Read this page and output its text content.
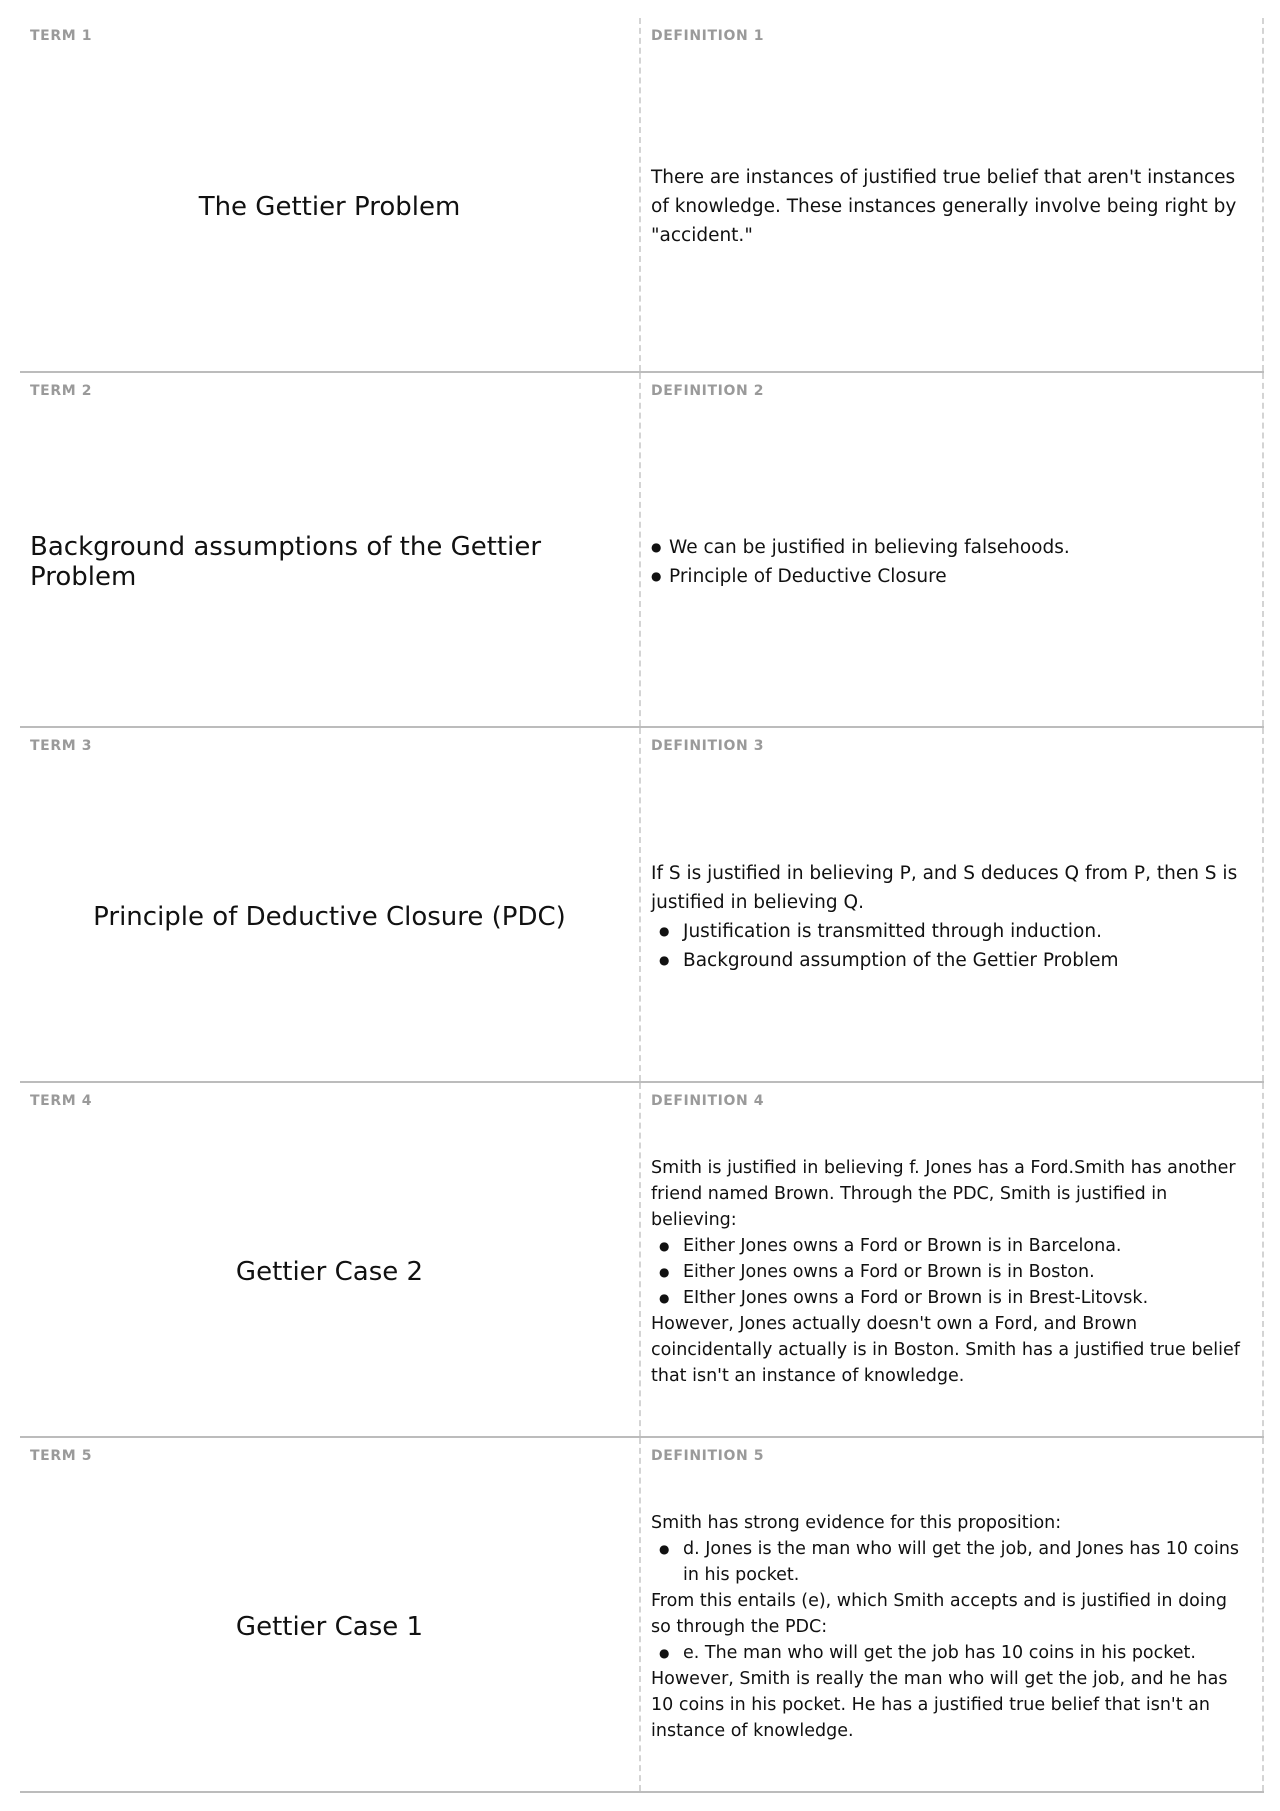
TERM 1
The Gettier Problem
DEFINITION 1

There are instances of justified true belief that aren't instances of knowledge. These instances generally involve being right by "accident."

TERM 2
Background assumptions of the Gettier Problem
DEFINITION 2
● We can be justified in believing falsehoods.
● Principle of Deductive Closure
TERM 3
Principle of Deductive Closure (PDC)
DEFINITION 3

If S is justified in believing P, and S deduces Q from P, then S is justified in believing Q.

● Justification is transmitted through induction.
● Background assumption of the Gettier Problem
TERM 4
Gettier Case 2
DEFINITION 4

Smith is justified in believing f. Jones has a Ford.Smith has another friend named Brown. Through the PDC, Smith is justified in believing:

● Either Jones owns a Ford or Brown is in Barcelona.
● Either Jones owns a Ford or Brown is in Boston.
● EIther Jones owns a Ford or Brown is in Brest-Litovsk.

However, Jones actually doesn't own a Ford, and Brown coincidentally actually is in Boston. Smith has a justified true belief that isn't an instance of knowledge.

TERM 5
Gettier Case 1
DEFINITION 5

Smith has strong evidence for this proposition:

● d. Jones is the man who will get the job, and Jones has 10 coins in his pocket.

From this entails (e), which Smith accepts and is justified in doing so through the PDC:

● e. The man who will get the job has 10 coins in his pocket.

However, Smith is really the man who will get the job, and he has 10 coins in his pocket. He has a justified true belief that isn't an instance of knowledge.
